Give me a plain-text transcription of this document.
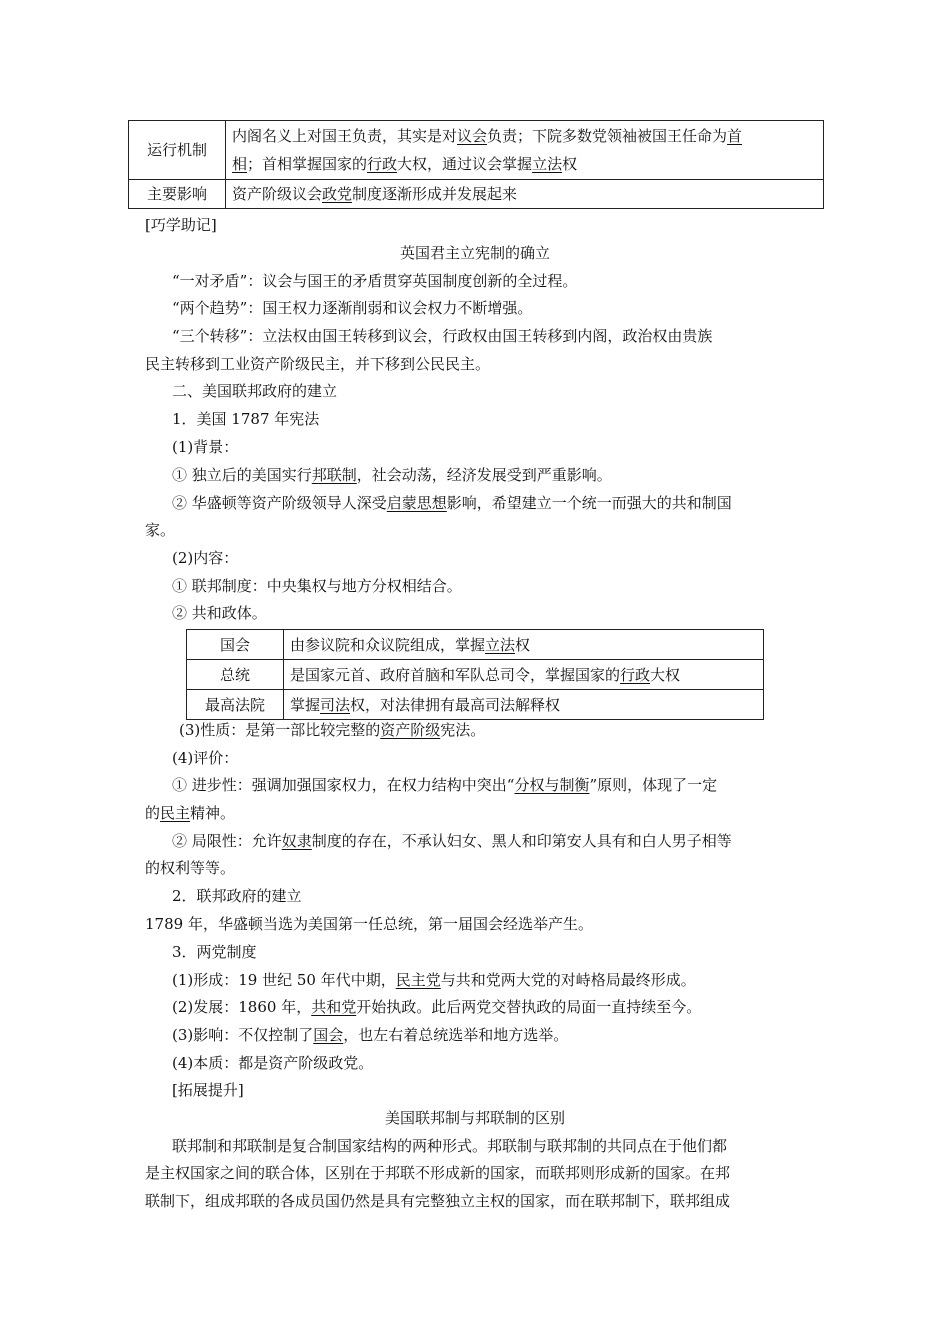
运行机制	内阁名义上对国王负责，其实是对议会负责；下院多数党领袖被国王任命为首
相；首相掌握国家的行政大权，通过议会掌握立法权

主要影响	资产阶级议会政党制度逐渐形成并发展起来
[巧学助记]
英国君主立宪制的确立
“一对矛盾”：议会与国王的矛盾贯穿英国制度创新的全过程。
“两个趋势”：国王权力逐渐削弱和议会权力不断增强。
“三个转移”：立法权由国王转移到议会，行政权由国王转移到内阁，政治权由贵族
民主转移到工业资产阶级民主，并下移到公民民主。
二、美国联邦政府的建立
1．美国 1787 年宪法
(1)背景：
① 独立后的美国实行邦联制，社会动荡，经济发展受到严重影响。
② 华盛顿等资产阶级领导人深受启蒙思想影响，希望建立一个统一而强大的共和制国
家。
(2)内容：
① 联邦制度：中央集权与地方分权相结合。
② 共和政体。
国会	由参议院和众议院组成，掌握立法权
总统	是国家元首、政府首脑和军队总司令，掌握国家的行政大权
最高法院	掌握司法权，对法律拥有最高司法解释权
(3)性质：是第一部比较完整的资产阶级宪法。
(4)评价：
① 进步性：强调加强国家权力，在权力结构中突出“分权与制衡”原则，体现了一定
的民主精神。
② 局限性：允许奴隶制度的存在，不承认妇女、黑人和印第安人具有和白人男子相等
的权利等等。
2．联邦政府的建立
1789 年，华盛顿当选为美国第一任总统，第一届国会经选举产生。
3．两党制度
(1)形成：19 世纪 50 年代中期，民主党与共和党两大党的对峙格局最终形成。
(2)发展：1860 年，共和党开始执政。此后两党交替执政的局面一直持续至今。
(3)影响：不仅控制了国会，也左右着总统选举和地方选举。
(4)本质：都是资产阶级政党。
[拓展提升]
美国联邦制与邦联制的区别
联邦制和邦联制是复合制国家结构的两种形式。邦联制与联邦制的共同点在于他们都
是主权国家之间的联合体，区别在于邦联不形成新的国家，而联邦则形成新的国家。在邦
联制下，组成邦联的各成员国仍然是具有完整独立主权的国家，而在联邦制下，联邦组成
